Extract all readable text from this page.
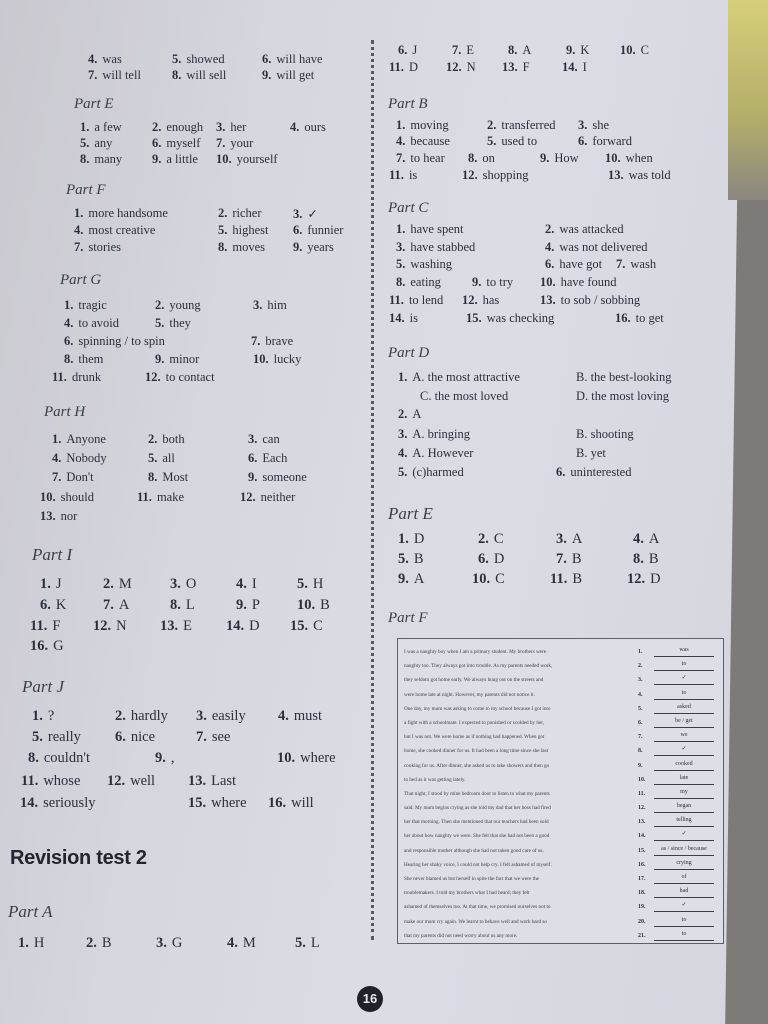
4. was	5. showed	6. will have
7. will tell 8. will sell	9. will get
Part E
1. a few 2. enough 3. her	4. ours
5. any	6. myself 7. your
8. many 9. a little 10. yourself
Part F
1. more handsome	2. richer	3. ✓
4. most creative	5. highest 6. funnier
7. stories	8. moves 9. years
Part G
1. tragic	2. young	3. him
4. to avoid	5. they
6. spinning / to spin	7. brave
8. them	9. minor	10. lucky
11. drunk	12. to contact
Part H
1. Anyone	2. both	3. can
4. Nobody	5. all	6. Each
7. Don't	8. Most	9. someone
10. should	11. make	12. neither
13. nor
Part I
1. J	2. M	3. O	4. I	5. H
6. K	7. A	8. L	9. P	10. B
11. F 12. N 13. E 14. D 15. C
16. G
Part J
1. ?	2. hardly 3. easily 4. must
5. really 6. nice	7. see
8. couldn't	9. ,	10. where
11. whose 12. well 13. Last
14. seriously	15. where 16. will
Part A
1. H	2. B	3. G	4. M	5. L
6. J	7. E	8. A	9. K 10. C
11. D 12. N 13. F	14. I
Part B
1. moving	2. transferred 3. she
4. because	5. used to	6. forward
7. to hear 8. on	9. How 10. when
11. is	12. shopping	13. was told
Part C
1. have spent	2. was attacked
3. have stabbed	4. was not delivered
5. washing	6. have got 7. wash
8. eating 9. to try 10. have found
11. to lend 12. has	13. to sob / sobbing
14. is	15. was checking	16. to get
Part D
1. A. the most attractive	B. the best-looking
C. the most loved	D. the most loving
2. A
3. A. bringing	B. shooting
4. A. However	B. yet
5. (c)harmed	6. uninterested
Part E
1. D	2. C	3. A	4. A
5. B	6. D	7. B	8. B
9. A	10. C	11. B	12. D
Part F
Revision test 2
I was a naughty boy when I am a primary student. My brothers were
naughty too. They always got into trouble. As my parents needed work,
they seldom got home early. We always hung out on the streets and
were home late at night. However, my parents did not notice it.
One day, my mum was asking to come to my school because I got into
a fight with a schoolmate. I expected to punished or scolded by her,
but I was not. We were home as if nothing had happened. When got
home, she cooked dinner for us. It had been a long time since she last
cooking for us. After dinner, she asked us to take showers and then go
to bed as it was getting lately.
That night, I stood by mine bedroom door to listen to what my parents
said. My mum begins crying as she told my dad that her boss had fired
her that morning. Then she mentioned that our teachers had been sold
her about how naughty we were. She felt that she had not been a good
and responsible mother although she had not taken good care of us.
Hearing her shaky voice, I could not help cry. I felt ashamed of myself.
She never blamed us but herself in spite the fact that we were the
troublemakers. I told my brothers what I had heard; they felt
ashamed of themselves too. At that time, we promised ourselves not to
make our mum cry again. We learnt to behave well and work hard so
that my parents did not need worry about us any more.
1.	was
2.	to
3.	✓
4.	to
5.	asked
6.	be / get
7.	we
8.	✓
9.	cooked
10.	late
11.	my
12.	began
13.	telling
14.	✓
15.	as / since / because
16.	crying
17.	of
18.	had
19.	✓
20.	to
21.	to
16
